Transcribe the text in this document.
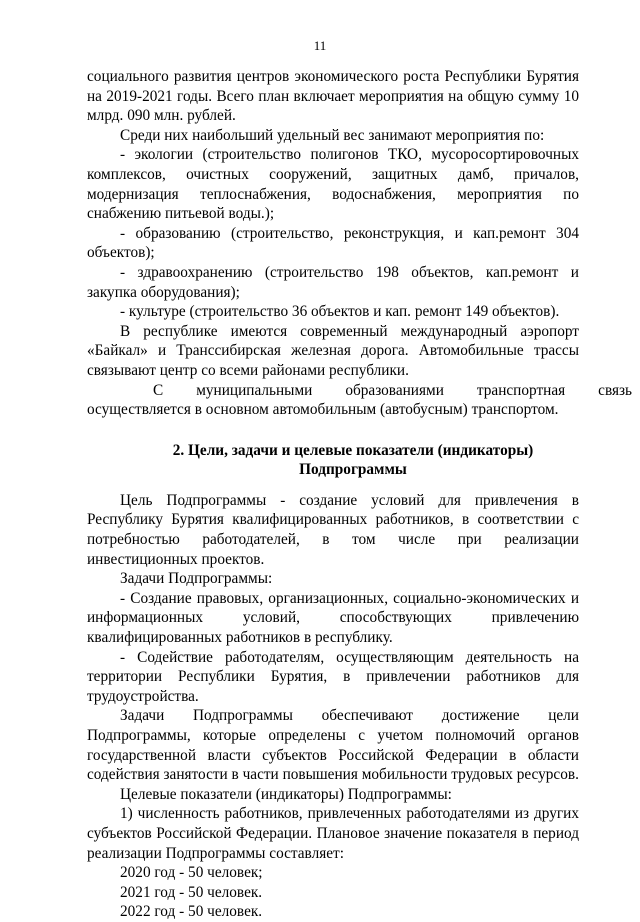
11

социального развития центров экономического роста Республики Бурятия на 2019-2021 годы. Всего план включает мероприятия на общую сумму 10 млрд. 090 млн. рублей.

Среди них наибольший удельный вес занимают мероприятия по:

- экологии (строительство полигонов ТКО, мусоросортировочных комплексов, очистных сооружений, защитных дамб, причалов, модернизация теплоснабжения, водоснабжения, мероприятия по снабжению питьевой воды.);

- образованию (строительство, реконструкция, и кап.ремонт 304 объектов);

- здравоохранению (строительство 198 объектов, кап.ремонт и закупка оборудования);

- культуре (строительство 36 объектов и кап. ремонт 149 объектов).

В республике имеются современный международный аэропорт «Байкал» и Транссибирская железная дорога. Автомобильные трассы связывают центр со всеми районами республики.

С	муниципальными	образованиями	транспортная	связь

осуществляется в основном автомобильным (автобусным) транспортом.

2. Цели, задачи и целевые показатели (индикаторы)
Подпрограммы

Цель Подпрограммы - создание условий для привлечения в Республику Бурятия квалифицированных работников, в соответствии с потребностью работодателей, в том числе при реализации инвестиционных проектов.

Задачи Подпрограммы:

- Создание правовых, организационных, социально-экономических и информационных условий, способствующих привлечению квалифицированных работников в республику.

- Содействие работодателям, осуществляющим деятельность на территории Республики Бурятия, в привлечении работников для трудоустройства.

Задачи Подпрограммы обеспечивают достижение цели Подпрограммы, которые определены с учетом полномочий органов государственной власти субъектов Российской Федерации в области содействия занятости в части повышения мобильности трудовых ресурсов.

Целевые показатели (индикаторы) Подпрограммы:

1) численность работников, привлеченных работодателями из других субъектов Российской Федерации. Плановое значение показателя в период реализации Подпрограммы составляет:

2020 год - 50 человек;

2021 год - 50 человек.

2022 год - 50 человек.
